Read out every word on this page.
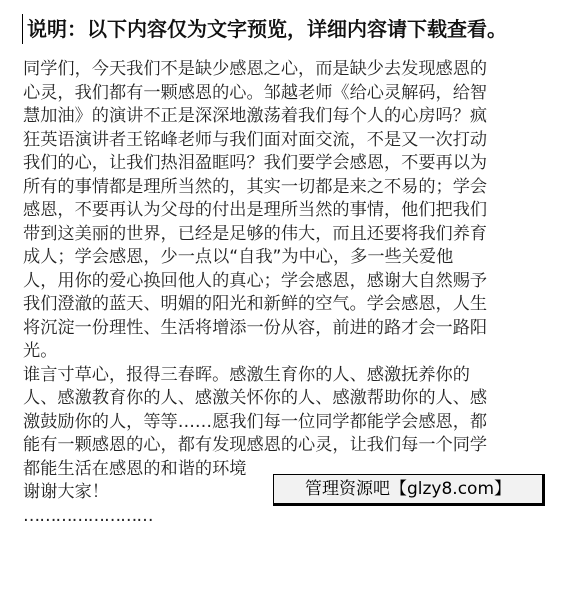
说明：以下内容仅为文字预览，详细内容请下载查看。

同学们，今天我们不是缺少感恩之心，而是缺少去发现感恩的
心灵，我们都有一颗感恩的心。邹越老师《给心灵解码，给智
慧加油》的演讲不正是深深地激荡着我们每个人的心房吗？疯
狂英语演讲者王铭峰老师与我们面对面交流，不是又一次打动
我们的心，让我们热泪盈眶吗？我们要学会感恩，不要再以为
所有的事情都是理所当然的，其实一切都是来之不易的；学会
感恩，不要再认为父母的付出是理所当然的事情，他们把我们
带到这美丽的世界，已经是足够的伟大，而且还要将我们养育
成人；学会感恩，少一点以“自我”为中心，多一些关爱他
人，用你的爱心换回他人的真心；学会感恩，感谢大自然赐予
我们澄澈的蓝天、明媚的阳光和新鲜的空气。学会感恩，人生
将沉淀一份理性、生活将增添一份从容，前进的路才会一路阳
光。

谁言寸草心，报得三春晖。感激生育你的人、感激抚养你的
人、感激教育你的人、感激关怀你的人、感激帮助你的人、感
激鼓励你的人，等等……愿我们每一位同学都能学会感恩，都
能有一颗感恩的心，都有发现感恩的心灵，让我们每一个同学
都能生活在感恩的和谐的环境

谢谢大家！

……………………

管理资源吧【glzy8.com】
